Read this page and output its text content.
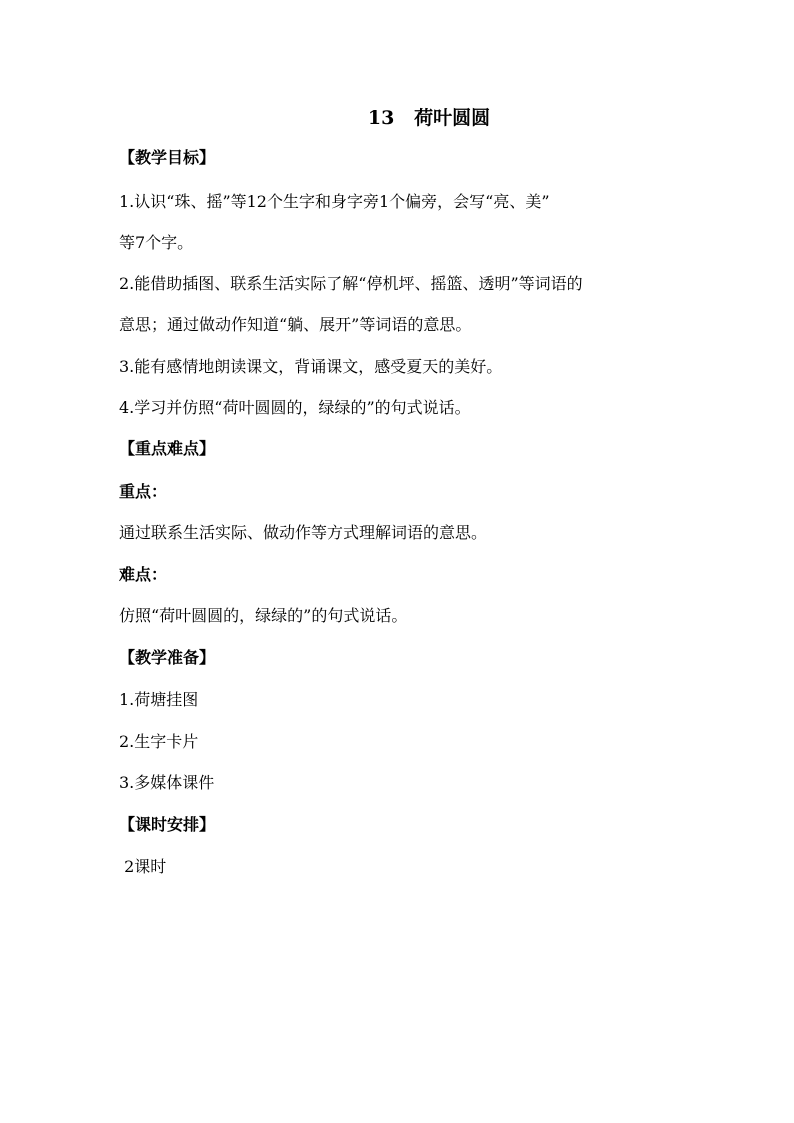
13   荷叶圆圆
【教学目标】
1.认识“珠、摇”等12个生字和身字旁1个偏旁，会写“亮、美”
等7个字。
2.能借助插图、联系生活实际了解“停机坪、摇篮、透明”等词语的
意思；通过做动作知道“躺、展开”等词语的意思。
3.能有感情地朗读课文，背诵课文，感受夏天的美好。
4.学习并仿照“荷叶圆圆的，绿绿的”的句式说话。
【重点难点】
重点：
通过联系生活实际、做动作等方式理解词语的意思。
难点：
仿照“荷叶圆圆的，绿绿的”的句式说话。
【教学准备】
1.荷塘挂图
2.生字卡片
3.多媒体课件
【课时安排】
2课时
